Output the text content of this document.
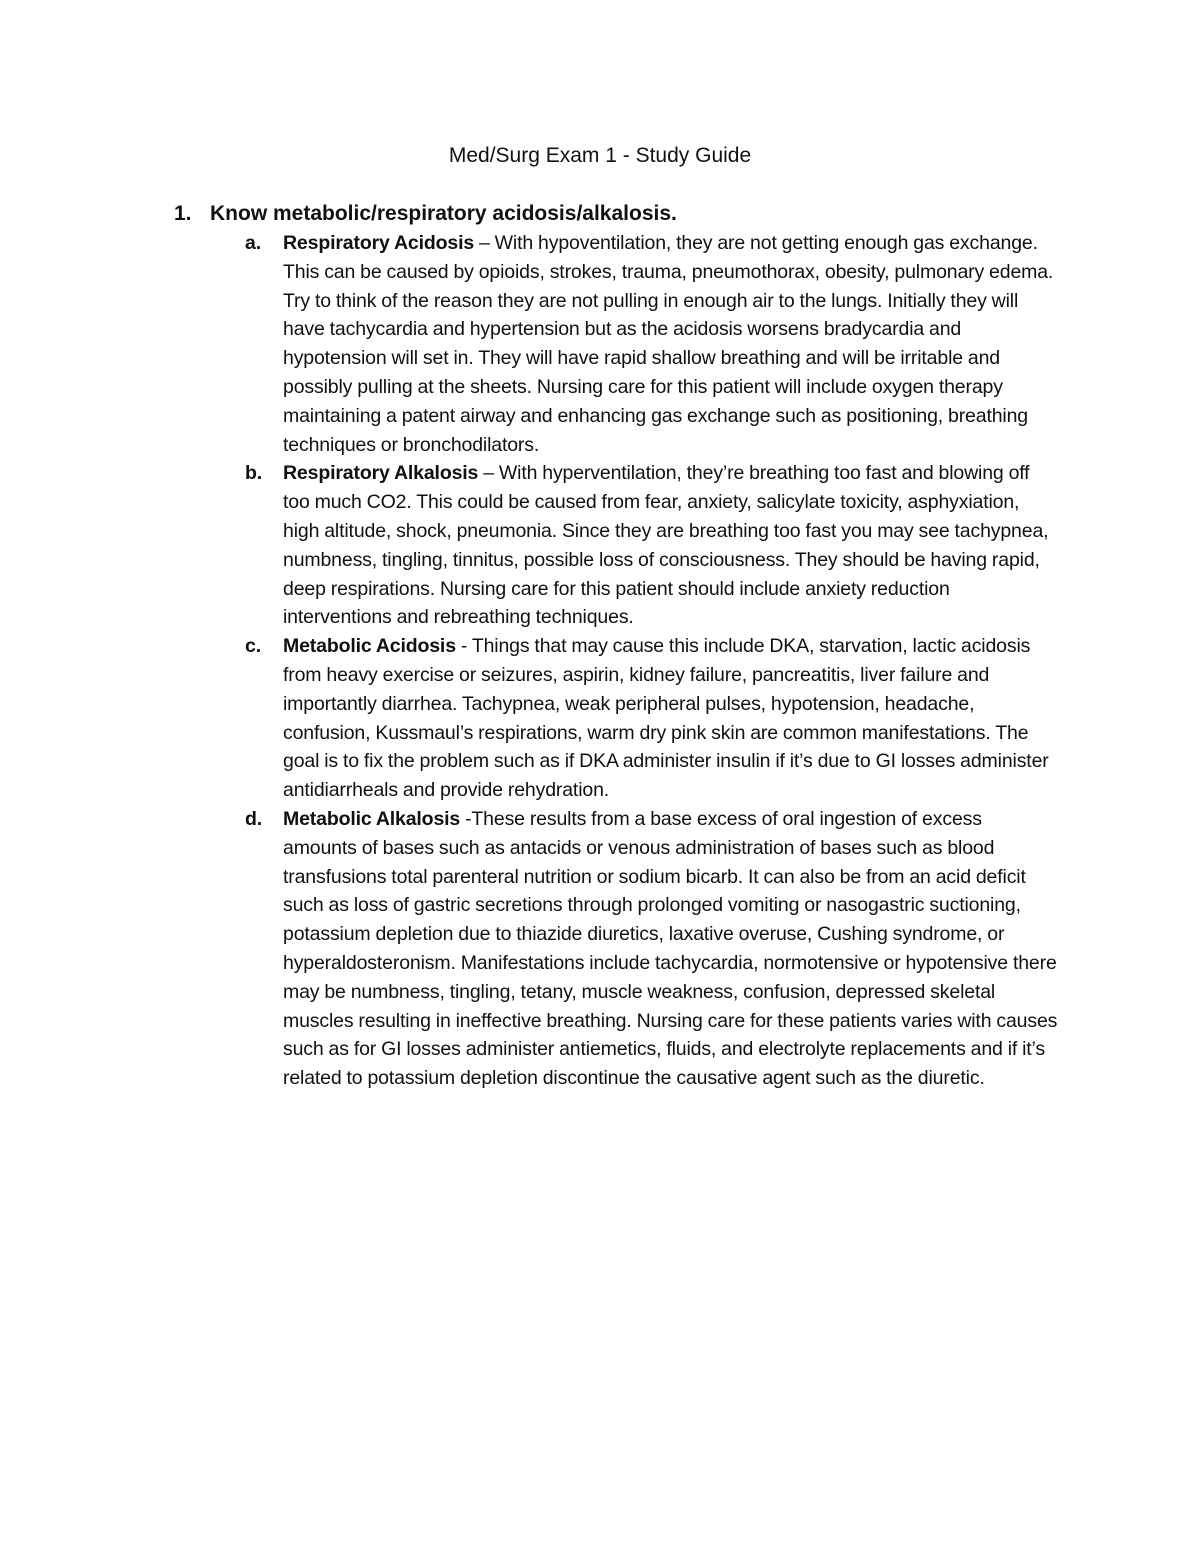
Med/Surg Exam 1 - Study Guide
1. Know metabolic/respiratory acidosis/alkalosis.
a. Respiratory Acidosis – With hypoventilation, they are not getting enough gas exchange. This can be caused by opioids, strokes, trauma, pneumothorax, obesity, pulmonary edema. Try to think of the reason they are not pulling in enough air to the lungs. Initially they will have tachycardia and hypertension but as the acidosis worsens bradycardia and hypotension will set in. They will have rapid shallow breathing and will be irritable and possibly pulling at the sheets. Nursing care for this patient will include oxygen therapy maintaining a patent airway and enhancing gas exchange such as positioning, breathing techniques or bronchodilators.
b. Respiratory Alkalosis – With hyperventilation, they’re breathing too fast and blowing off too much CO2. This could be caused from fear, anxiety, salicylate toxicity, asphyxiation, high altitude, shock, pneumonia. Since they are breathing too fast you may see tachypnea, numbness, tingling, tinnitus, possible loss of consciousness. They should be having rapid, deep respirations. Nursing care for this patient should include anxiety reduction interventions and rebreathing techniques.
c. Metabolic Acidosis - Things that may cause this include DKA, starvation, lactic acidosis from heavy exercise or seizures, aspirin, kidney failure, pancreatitis, liver failure and importantly diarrhea. Tachypnea, weak peripheral pulses, hypotension, headache, confusion, Kussmaul’s respirations, warm dry pink skin are common manifestations. The goal is to fix the problem such as if DKA administer insulin if it’s due to GI losses administer antidiarrheals and provide rehydration.
d. Metabolic Alkalosis -These results from a base excess of oral ingestion of excess amounts of bases such as antacids or venous administration of bases such as blood transfusions total parenteral nutrition or sodium bicarb. It can also be from an acid deficit such as loss of gastric secretions through prolonged vomiting or nasogastric suctioning, potassium depletion due to thiazide diuretics, laxative overuse, Cushing syndrome, or hyperaldosteronism. Manifestations include tachycardia, normotensive or hypotensive there may be numbness, tingling, tetany, muscle weakness, confusion, depressed skeletal muscles resulting in ineffective breathing. Nursing care for these patients varies with causes such as for GI losses administer antiemetics, fluids, and electrolyte replacements and if it’s related to potassium depletion discontinue the causative agent such as the diuretic.
